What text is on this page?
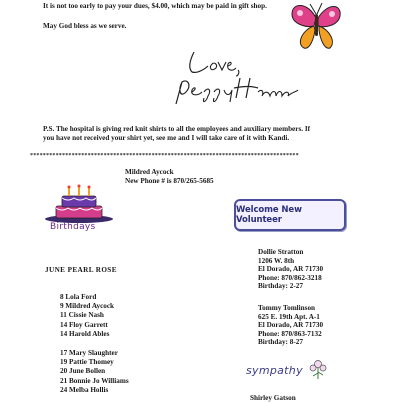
It is not too early to pay your dues, $4.00, which may be paid in gift shop.
May God bless as we serve.
P.S. The hospital is giving red knit shirts to all the employees and auxiliary members. If you have not received your shirt yet, see me and I will take care of it with Kandi.
************************************************************************************
Mildred Aycock
New Phone # is 870/265-5685
Birthdays
Welcome New Volunteer
JUNE PEARL ROSE
8 Lola Ford
9 Mildred Aycock
11 Cissie Nash
14 Floy Garrett
14 Harold Ables
17 Mary Slaughter
19 Pattie Thomey
20 June Bollen
21 Bonnie Jo Williams
24 Melba Hollis
Dollie Stratton
1206 W. 8th
El Dorado, AR 71730
Phone: 870/862-3218
Birthday: 2-27
Tommy Tomlinson
625 E. 19th Apt. A-1
El Dorado, AR 71730
Phone: 870/863-7132
Birthday: 8-27
sympathy
Shirley Gatson
